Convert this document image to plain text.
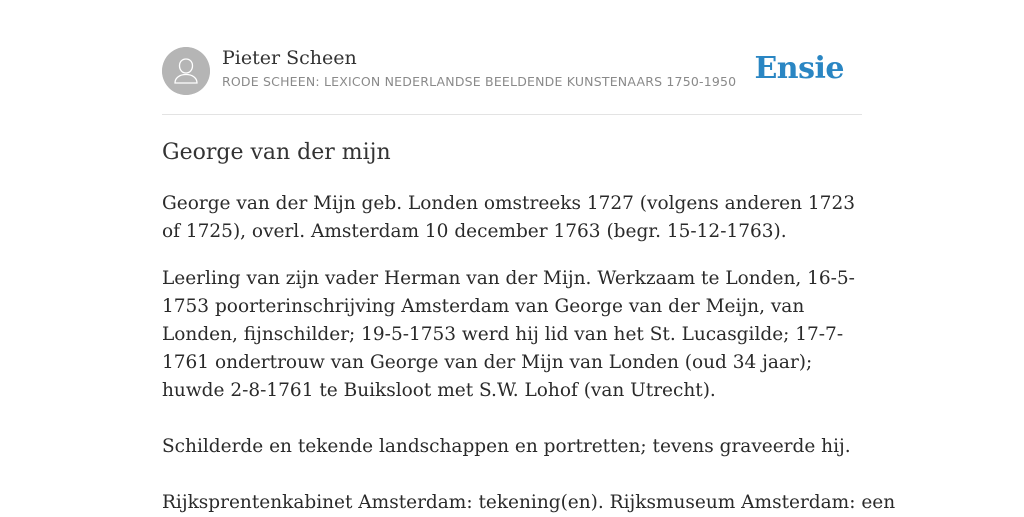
Pieter Scheen
RODE SCHEEN: LEXICON NEDERLANDSE BEELDENDE KUNSTENAARS 1750-1950 Ensie
George van der mijn
George van der Mijn geb. Londen omstreeks 1727 (volgens anderen 1723 of 1725), overl. Amsterdam 10 december 1763 (begr. 15-12-1763).
Leerling van zijn vader Herman van der Mijn. Werkzaam te Londen, 16-5-1753 poorterinschrijving Amsterdam van George van der Meijn, van Londen, fijnschilder; 19-5-1753 werd hij lid van het St. Lucasgilde; 17-7-1761 ondertrouw van George van der Mijn van Londen (oud 34 jaar); huwde 2-8-1761 te Buiksloot met S.W. Lohof (van Utrecht).
Schilderde en tekende landschappen en portretten; tevens graveerde hij.
Rijksprentenkabinet Amsterdam: tekening(en). Rijksmuseum Amsterdam: een
